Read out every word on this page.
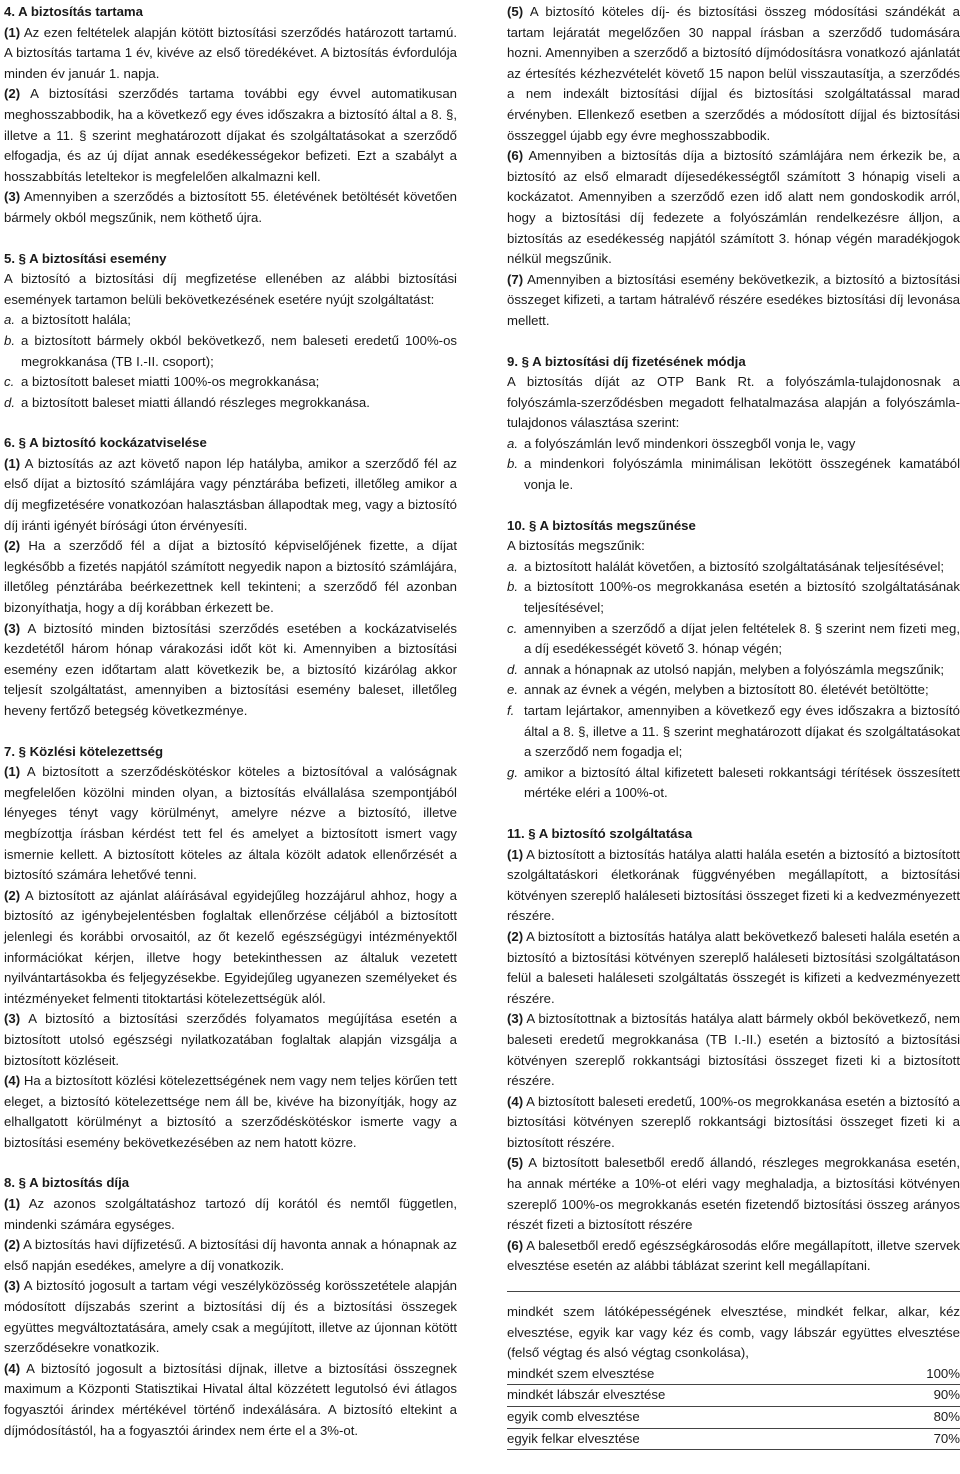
4. A biztosítás tartama

(1) Az ezen feltételek alapján kötött biztosítási szerződés határozott tartamú. A biztosítás tartama 1 év, kivéve az első töredékévet. A biztosítás évfordulója minden év január 1. napja.

(2) A biztosítási szerződés tartama további egy évvel automatikusan meghosszabbodik, ha a következő egy éves időszakra a biztosító által a 8. §, illetve a 11. § szerint meghatározott díjakat és szolgáltatásokat a szerződő elfogadja, és az új díjat annak esedékességekor befizeti. Ezt a szabályt a hosszabbítás leteltekor is megfelelően alkalmazni kell.

(3) Amennyiben a szerződés a biztosított 55. életévének betöltését követően bármely okból megszűnik, nem köthető újra.

5. § A biztosítási esemény

A biztosító a biztosítási díj megfizetése ellenében az alábbi biztosítási események tartamon belüli bekövetkezésének esetére nyújt szolgáltatást:

a. a biztosított halála;
b. a biztosított bármely okból bekövetkező, nem baleseti eredetű 100%-os megrokkanása (TB I.-II. csoport);
c. a biztosított baleset miatti 100%-os megrokkanása;
d. a biztosított baleset miatti állandó részleges megrokkanása.

6. § A biztosító kockázatviselése

(1) A biztosítás az azt követő napon lép hatályba, amikor a szerződő fél az első díjat a biztosító számlájára vagy pénztárába befizeti, illetőleg amikor a díj megfizetésére vonatkozóan halasztásban állapodtak meg, vagy a biztosító díj iránti igényét bírósági úton érvényesíti.

(2) Ha a szerződő fél a díjat a biztosító képviselőjének fizette, a díjat legkésőbb a fizetés napjától számított negyedik napon a biztosító számlájára, illetőleg pénztárába beérkezettnek kell tekinteni; a szerződő fél azonban bizonyíthatja, hogy a díj korábban érkezett be.

(3) A biztosító minden biztosítási szerződés esetében a kockázatviselés kezdetétől három hónap várakozási időt köt ki. Amennyiben a biztosítási esemény ezen időtartam alatt következik be, a biztosító kizárólag akkor teljesít szolgáltatást, amennyiben a biztosítási esemény baleset, illetőleg heveny fertőző betegség következménye.

7. § Közlési kötelezettség

(1) A biztosított a szerződéskötéskor köteles a biztosítóval a valóságnak megfelelően közölni minden olyan, a biztosítás elvállalása szempontjából lényeges tényt vagy körülményt, amelyre nézve a biztosító, illetve megbízottja írásban kérdést tett fel és amelyet a biztosított ismert vagy ismernie kellett. A biztosított köteles az általa közölt adatok ellenőrzését a biztosító számára lehetővé tenni.

(2) A biztosított az ajánlat aláírásával egyidejűleg hozzájárul ahhoz, hogy a biztosító az igénybejelentésben foglaltak ellenőrzése céljából a biztosított jelenlegi és korábbi orvosaitól, az őt kezelő egészségügyi intézményektől információkat kérjen, illetve hogy betekinthessen az általuk vezetett nyilvántartásokba és feljegyzésekbe. Egyidejűleg ugyanezen személyeket és intézményeket felmenti titoktartási kötelezettségük alól.

(3) A biztosító a biztosítási szerződés folyamatos megújítása esetén a biztosított utolsó egészségi nyilatkozatában foglaltak alapján vizsgálja a biztosított közléseit.

(4) Ha a biztosított közlési kötelezettségének nem vagy nem teljes körűen tett eleget, a biztosító kötelezettsége nem áll be, kivéve ha bizonyítják, hogy az elhallgatott körülményt a biztosító a szerződéskötéskor ismerte vagy a biztosítási esemény bekövetkezésében az nem hatott közre.

8. § A biztosítás díja

(1) Az azonos szolgáltatáshoz tartozó díj korától és nemtől független, mindenki számára egységes.

(2) A biztosítás havi díjfizetésű. A biztosítási díj havonta annak a hónapnak az első napján esedékes, amelyre a díj vonatkozik.

(3) A biztosító jogosult a tartam végi veszélyközösség korösszetétele alapján módosított díjszabás szerint a biztosítási díj és a biztosítási összegek együttes megváltoztatására, amely csak a megújított, illetve az újonnan kötött szerződésekre vonatkozik.

(4) A biztosító jogosult a biztosítási díjnak, illetve a biztosítási összegnek maximum a Központi Statisztikai Hivatal által közzétett legutolsó évi átlagos fogyasztói árindex mértékével történő indexálására. A biztosító eltekint a díjmódosítástól, ha a fogyasztói árindex nem érte el a 3%-ot.

(5) A biztosító köteles díj- és biztosítási összeg módosítási szándékát a tartam lejáratát megelőzően 30 nappal írásban a szerződő tudomására hozni. Amennyiben a szerződő a biztosító díjmódosításra vonatkozó ajánlatát az értesítés kézhezvételét követő 15 napon belül visszautasítja, a szerződés a nem indexált biztosítási díjjal és biztosítási szolgáltatással marad érvényben. Ellenkező esetben a szerződés a módosított díjjal és biztosítási összeggel újabb egy évre meghosszabbodik.

(6) Amennyiben a biztosítás díja a biztosító számlájára nem érkezik be, a biztosító az első elmaradt díjesedékességtől számított 3 hónapig viseli a kockázatot. Amennyiben a szerződő ezen idő alatt nem gondoskodik arról, hogy a biztosítási díj fedezete a folyószámlán rendelkezésre álljon, a biztosítás az esedékesség napjától számított 3. hónap végén maradékjogok nélkül megszűnik.

(7) Amennyiben a biztosítási esemény bekövetkezik, a biztosító a biztosítási összeget kifizeti, a tartam hátralévő részére esedékes biztosítási díj levonása mellett.

9. § A biztosítási díj fizetésének módja

A biztosítás díját az OTP Bank Rt. a folyószámla-tulajdonosnak a folyószámla-szerződésben megadott felhatalmazása alapján a folyószámla-tulajdonos választása szerint:

a. a folyószámlán levő mindenkori összegből vonja le, vagy
b. a mindenkori folyószámla minimálisan lekötött összegének kamatából vonja le.

10. § A biztosítás megszűnése

A biztosítás megszűnik:

a. a biztosított halálát követően, a biztosító szolgáltatásának teljesítésével;
b. a biztosított 100%-os megrokkanása esetén a biztosító szolgáltatásának teljesítésével;
c. amennyiben a szerződő a díjat jelen feltételek 8. § szerint nem fizeti meg, a díj esedékességét követő 3. hónap végén;
d. annak a hónapnak az utolsó napján, melyben a folyószámla megszűnik;
e. annak az évnek a végén, melyben a biztosított 80. életévét betöltötte;
f. tartam lejártakor, amennyiben a következő egy éves időszakra a biztosító által a 8. §, illetve a 11. § szerint meghatározott díjakat és szolgáltatásokat a szerződő nem fogadja el;
g. amikor a biztosító által kifizetett baleseti rokkantsági térítések összesített mértéke eléri a 100%-ot.

11. § A biztosító szolgáltatása

(1) A biztosított a biztosítás hatálya alatti halála esetén a biztosító a biztosított szolgáltatáskori életkorának függvényében megállapított, a biztosítási kötvényen szereplő haláleseti biztosítási összeget fizeti ki a kedvezményezett részére.

(2) A biztosított a biztosítás hatálya alatt bekövetkező baleseti halála esetén a biztosító a biztosítási kötvényen szereplő haláleseti biztosítási szolgáltatáson felül a baleseti haláleseti szolgáltatás összegét is kifizeti a kedvezményezett részére.

(3) A biztosítottnak a biztosítás hatálya alatt bármely okból bekövetkező, nem baleseti eredetű megrokkanása (TB I.-II.) esetén a biztosító a biztosítási kötvényen szereplő rokkantsági biztosítási összeget fizeti ki a biztosított részére.

(4) A biztosított baleseti eredetű, 100%-os megrokkanása esetén a biztosító a biztosítási kötvényen szereplő rokkantsági biztosítási összeget fizeti ki a biztosított részére.

(5) A biztosított balesetből eredő állandó, részleges megrokkanása esetén, ha annak mértéke a 10%-ot eléri vagy meghaladja, a biztosítási kötvényen szereplő 100%-os megrokkanás esetén fizetendő biztosítási összeg arányos részét fizeti a biztosított részére

(6) A balesetből eredő egészségkárosodás előre megállapított, illetve szervek elvesztése esetén az alábbi táblázat szerint kell megállapítani.

mindkét szem látóképességének elvesztése, mindkét felkar, alkar, kéz elvesztése, egyik kar vagy kéz és comb, vagy lábszár együttes elvesztése (felső végtag és alsó végtag csonkolása),

mindkét szem elvesztése	100%
mindkét lábszár elvesztése	90%
egyik comb elvesztése	80%
egyik felkar elvesztése	70%
